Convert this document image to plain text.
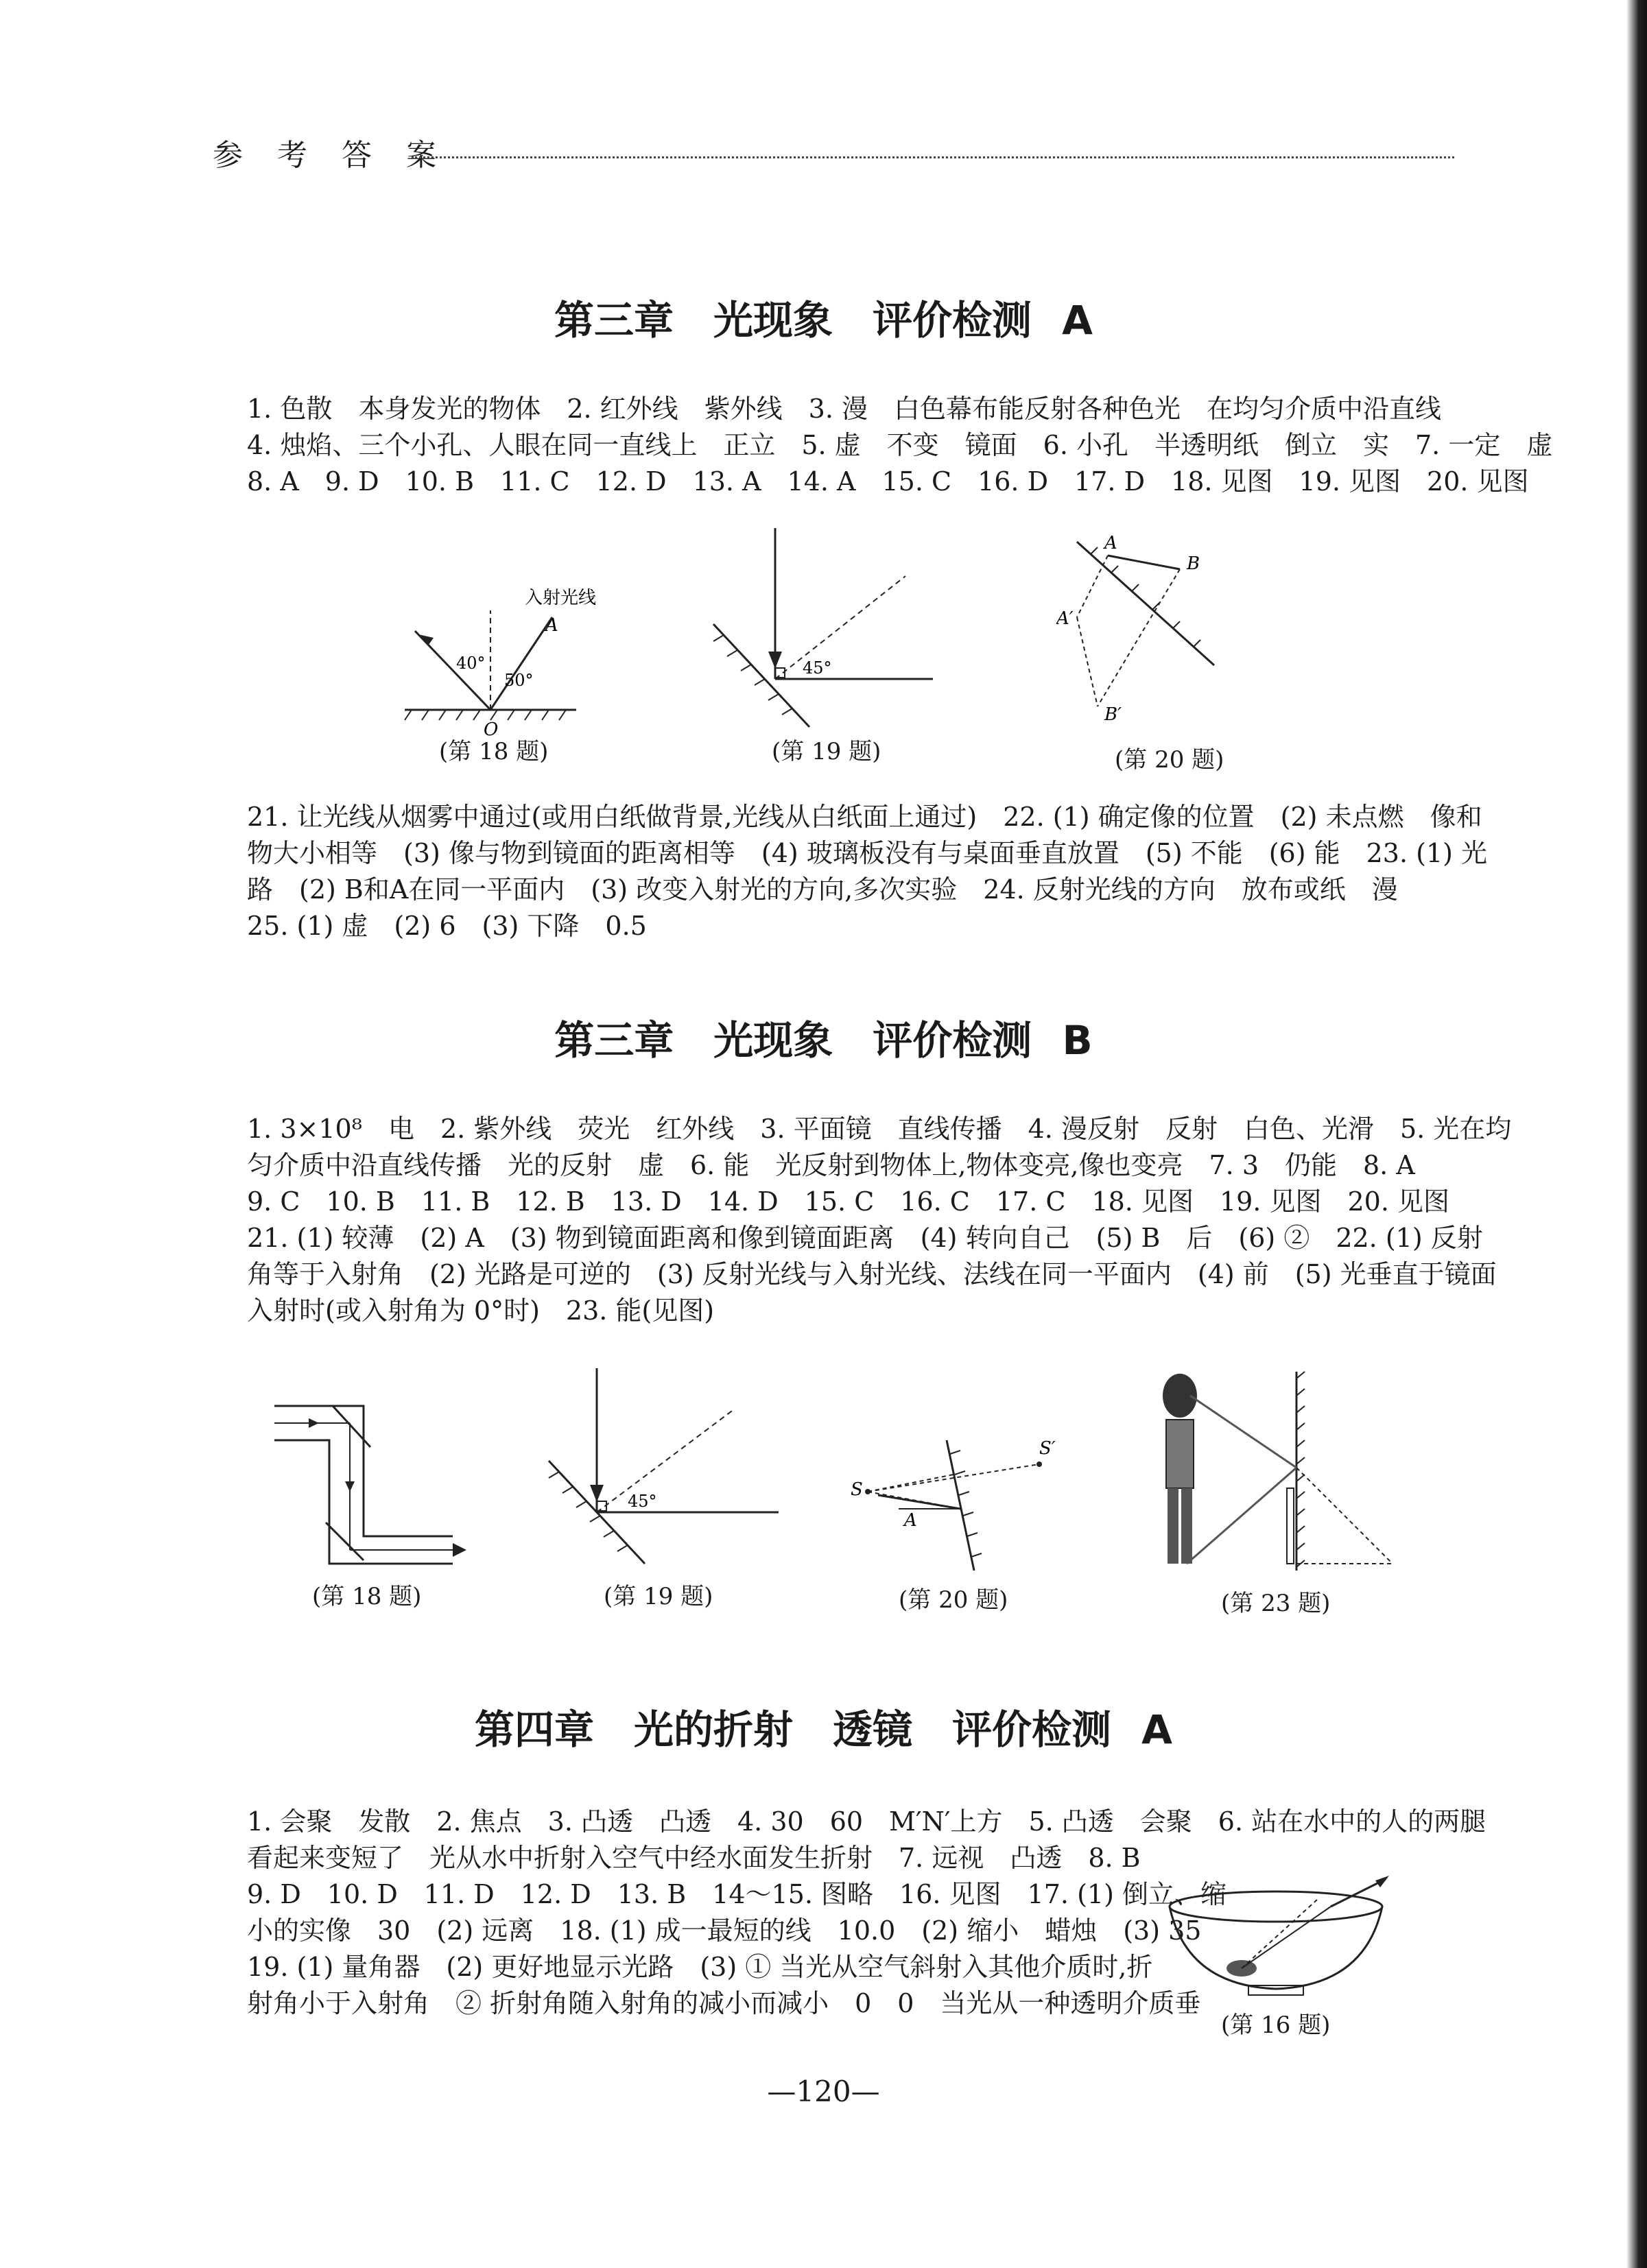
参 考 答 案
第三章　光现象　评价检测 A
1. 色散　本身发光的物体　2. 红外线　紫外线　3. 漫　白色幕布能反射各种色光　在均匀介质中沿直线
4. 烛焰、三个小孔、人眼在同一直线上　正立　5. 虚　不变　镜面　6. 小孔　半透明纸　倒立　实　7. 一定　虚
8. A　9. D　10. B　11. C　12. D　13. A　14. A　15. C　16. D　17. D　18. 见图　19. 见图　20. 见图
入射光线
A
40°
50°
O
(第 18 题)
45°
(第 19 题)
A
B
A′
B′
(第 20 题)
21. 让光线从烟雾中通过(或用白纸做背景,光线从白纸面上通过)　22. (1) 确定像的位置　(2) 未点燃　像和
物大小相等　(3) 像与物到镜面的距离相等　(4) 玻璃板没有与桌面垂直放置　(5) 不能　(6) 能　23. (1) 光
路　(2) B和A在同一平面内　(3) 改变入射光的方向,多次实验　24. 反射光线的方向　放布或纸　漫
25. (1) 虚　(2) 6　(3) 下降　0.5
第三章　光现象　评价检测 B
1. 3×10⁸　电　2. 紫外线　荧光　红外线　3. 平面镜　直线传播　4. 漫反射　反射　白色、光滑　5. 光在均
匀介质中沿直线传播　光的反射　虚　6. 能　光反射到物体上,物体变亮,像也变亮　7. 3　仍能　8. A
9. C　10. B　11. B　12. B　13. D　14. D　15. C　16. C　17. C　18. 见图　19. 见图　20. 见图
21. (1) 较薄　(2) A　(3) 物到镜面距离和像到镜面距离　(4) 转向自己　(5) B　后　(6) ②　22. (1) 反射
角等于入射角　(2) 光路是可逆的　(3) 反射光线与入射光线、法线在同一平面内　(4) 前　(5) 光垂直于镜面
入射时(或入射角为 0°时)　23. 能(见图)
(第 18 题)
45°
(第 19 题)
S
S′
A
(第 20 题)	(第 23 题)
第四章　光的折射　透镜　评价检测 A
1. 会聚　发散　2. 焦点　3. 凸透　凸透　4. 30　60　M′N′上方　5. 凸透　会聚　6. 站在水中的人的两腿
看起来变短了　光从水中折射入空气中经水面发生折射　7. 远视　凸透　8. B
9. D　10. D　11. D　12. D　13. B　14～15. 图略　16. 见图　17. (1) 倒立、缩
小的实像　30　(2) 远离　18. (1) 成一最短的线　10.0　(2) 缩小　蜡烛　(3) 35
19. (1) 量角器　(2) 更好地显示光路　(3) ① 当光从空气斜射入其他介质时,折
射角小于入射角　② 折射角随入射角的减小而减小　0　0　当光从一种透明介质垂
(第 16 题)
—120—
